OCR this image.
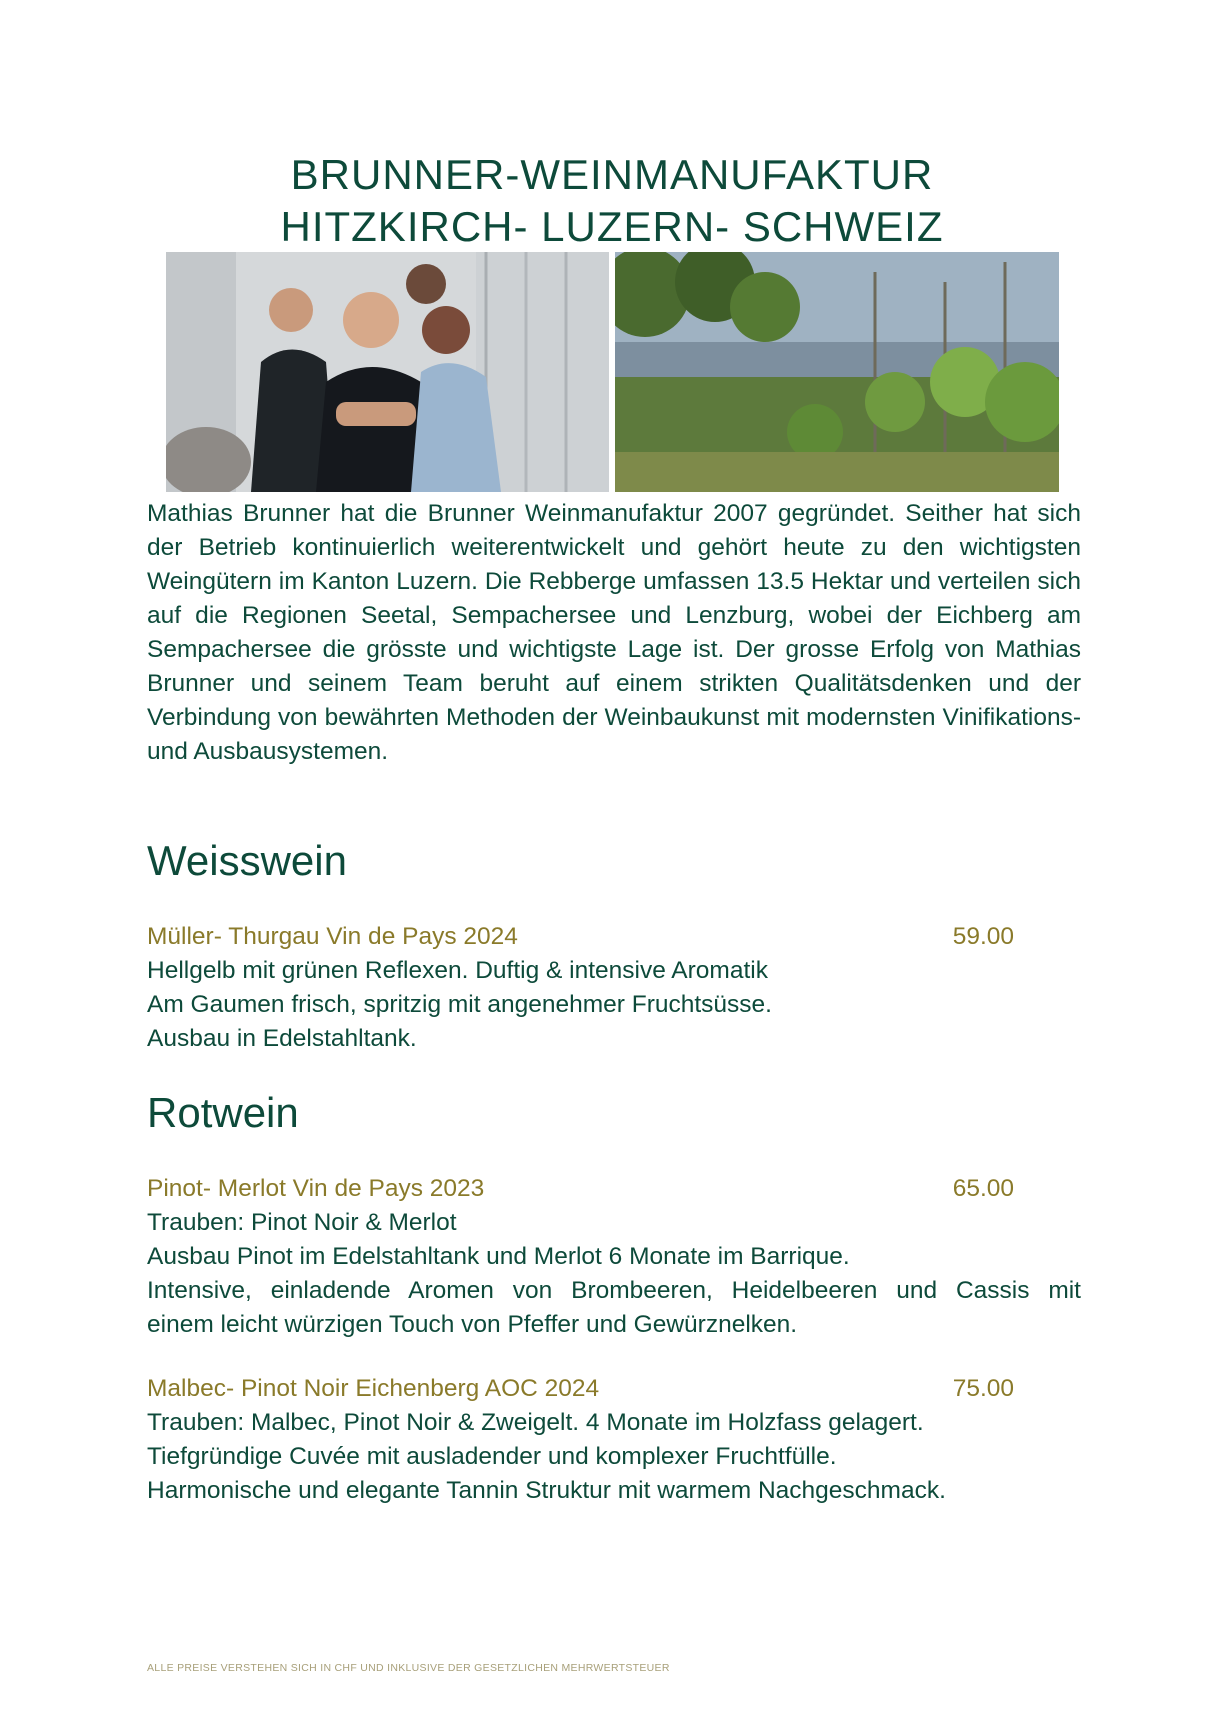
BRUNNER-WEINMANUFAKTUR
HITZKIRCH- LUZERN- SCHWEIZ
Mathias Brunner hat die Brunner Weinmanufaktur 2007 gegründet. Seither hat sich der Betrieb kontinuierlich weiterentwickelt und gehört heute zu den wichtigsten Weingütern im Kanton Luzern. Die Rebberge umfassen 13.5 Hektar und verteilen sich auf die Regionen Seetal, Sempachersee und Lenzburg, wobei der Eichberg am Sempachersee die grösste und wichtigste Lage ist. Der grosse Erfolg von Mathias Brunner und seinem Team beruht auf einem strikten Qualitätsdenken und der Verbindung von bewährten Methoden der Weinbaukunst mit modernsten Vinifikations- und Ausbausystemen.
Weisswein
Müller- Thurgau Vin de Pays 2024	59.00
Hellgelb mit grünen Reflexen. Duftig & intensive Aromatik
Am Gaumen frisch, spritzig mit angenehmer Fruchtsüsse.
Ausbau in Edelstahltank.
Rotwein
Pinot- Merlot Vin de Pays 2023	65.00
Trauben: Pinot Noir & Merlot
Ausbau Pinot im Edelstahltank und Merlot 6 Monate im Barrique.
Intensive, einladende Aromen von Brombeeren, Heidelbeeren und Cassis mit
einem leicht würzigen Touch von Pfeffer und Gewürznelken.
Malbec- Pinot Noir Eichenberg AOC 2024	75.00
Trauben: Malbec, Pinot Noir & Zweigelt. 4 Monate im Holzfass gelagert.
Tiefgründige Cuvée mit ausladender und komplexer Fruchtfülle.
Harmonische und elegante Tannin Struktur mit warmem Nachgeschmack.
ALLE PREISE VERSTEHEN SICH IN CHF UND INKLUSIVE DER GESETZLICHEN MEHRWERTSTEUER
